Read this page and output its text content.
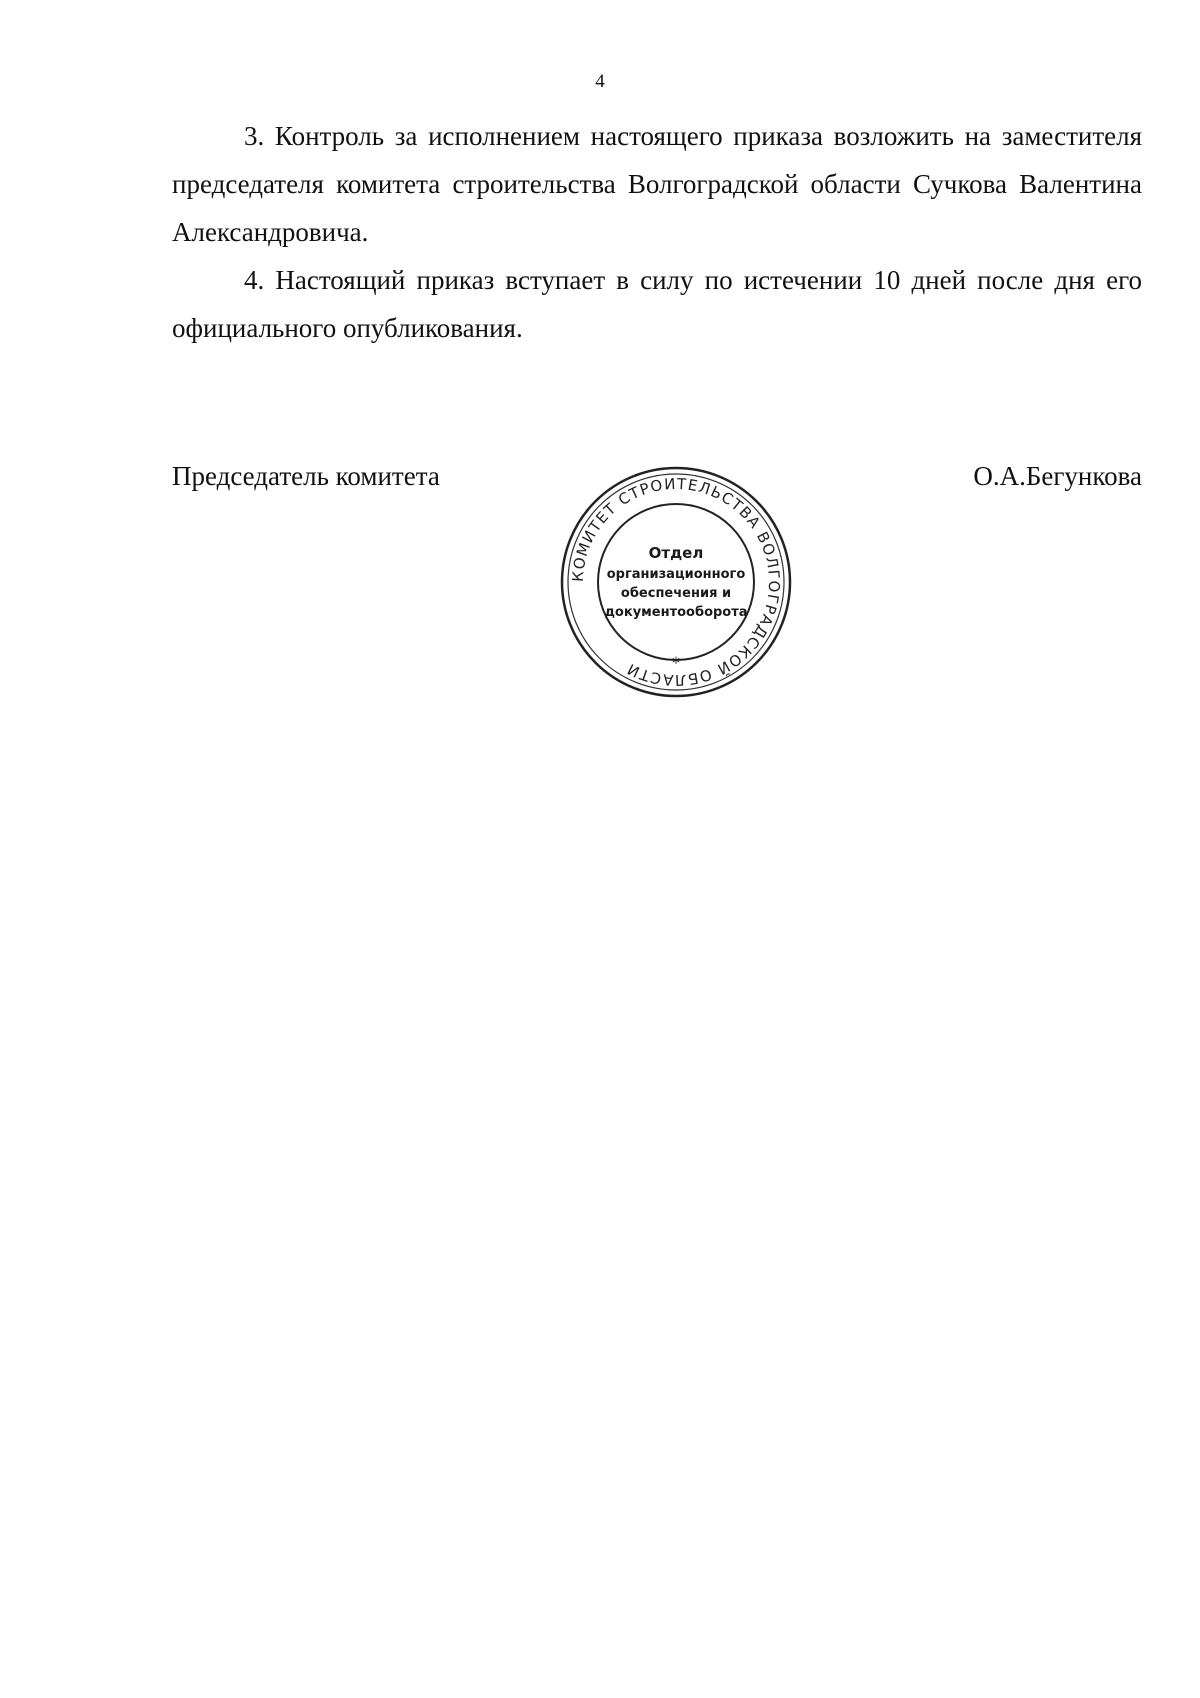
4

3. Контроль за исполнением настоящего приказа возложить на заместителя председателя комитета строительства Волгоградской области Сучкова Валентина Александровича.

4. Настоящий приказ вступает в силу по истечении 10 дней после дня его официального опубликования.

Председатель комитета	О.А.Бегункова
КОМИТЕТ СТРОИТЕЛЬСТВА ВОЛГОГРАДСКОЙ ОБЛАСТИ
Отдел
организационного
обеспечения и
документооборота
*
